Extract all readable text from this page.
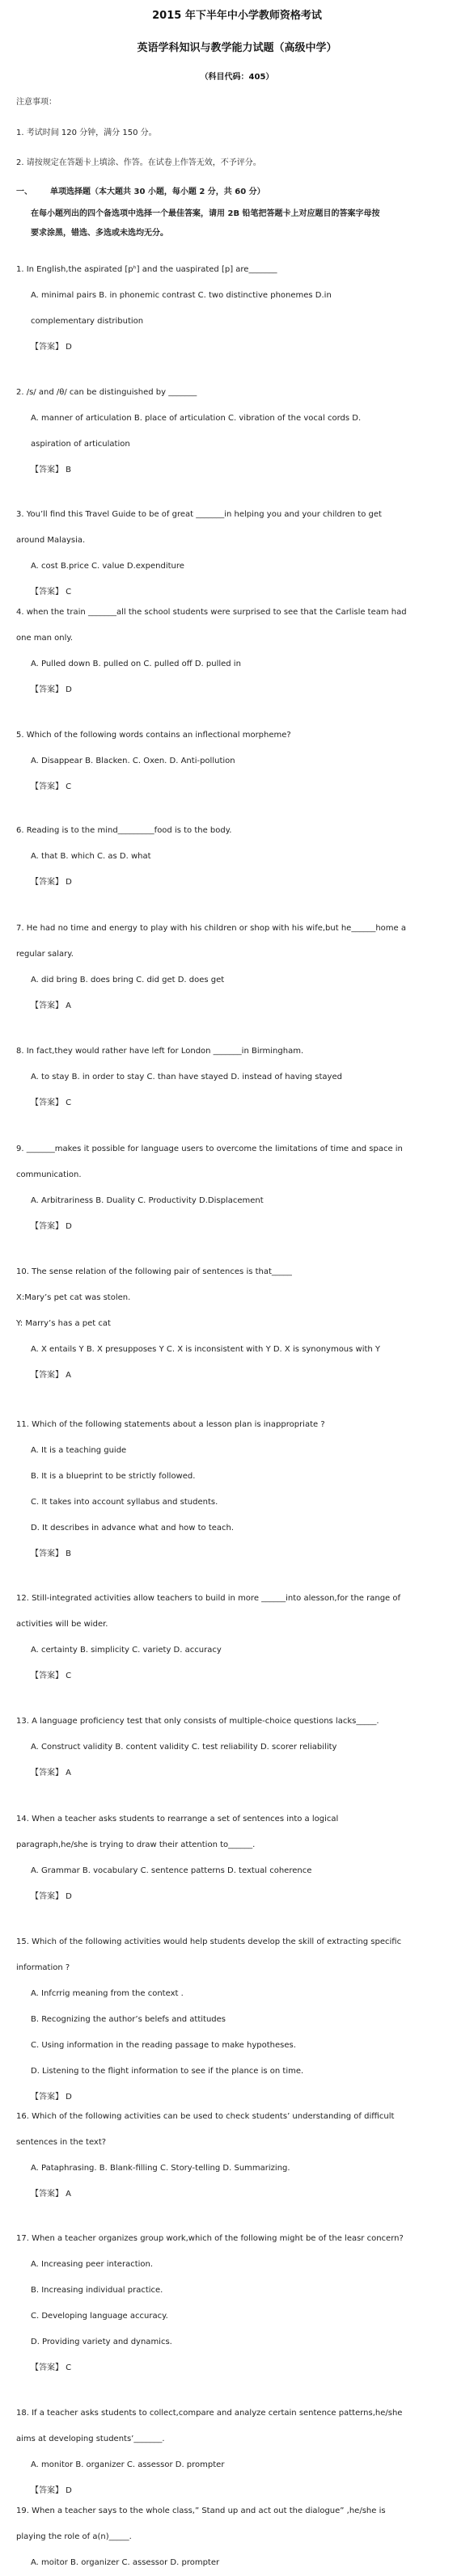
2015 年下半年中小学教师资格考试
英语学科知识与教学能力试题（高级中学）
（科目代码：405）
注意事项：
1. 考试时间 120 分钟，满分 150 分。
2. 请按规定在答题卡上填涂、作答。在试卷上作答无效，不予评分。
一、 单项选择题（本大题共 30 小题，每小题 2 分，共 60 分）
在每小题列出的四个备选项中选择一个最佳答案，请用 2B 铅笔把答题卡上对应题目的答案字母按
要求涂黑，错选、多选或未选均无分。
1. In English,the aspirated [pʰ] and the uaspirated [p] are_______
A. minimal pairs B. in phonemic contrast C. two distinctive phonemes D.in
complementary distribution
【答案】 D
2. /s/ and /θ/ can be distinguished by _______
A. manner of articulation B. place of articulation C. vibration of the vocal cords D.
aspiration of articulation
【答案】 B
3. You’ll find this Travel Guide to be of great _______in helping you and your children to get
around Malaysia.
A. cost B.price C. value D.expenditure
【答案】 C
4. when the train _______all the school students were surprised to see that the Carlisle team had
one man only.
A. Pulled down B. pulled on C. pulled off D. pulled in
【答案】 D
5. Which of the following words contains an inflectional morpheme?
A. Disappear B. Blacken. C. Oxen. D. Anti-pollution
【答案】 C
6. Reading is to the mind_________food is to the body.
A. that B. which C. as D. what
【答案】 D
7. He had no time and energy to play with his children or shop with his wife,but he______home a
regular salary.
A. did bring B. does bring C. did get D. does get
【答案】 A
8. In fact,they would rather have left for London _______in Birmingham.
A. to stay B. in order to stay C. than have stayed D. instead of having stayed
【答案】 C
9. _______makes it possible for language users to overcome the limitations of time and space in
communication.
A. Arbitrariness B. Duality C. Productivity D.Displacement
【答案】 D
10. The sense relation of the following pair of sentences is that_____
X:Mary’s pet cat was stolen.
Y: Marry’s has a pet cat
A. X entails Y B. X presupposes Y C. X is inconsistent with Y D. X is synonymous with Y
【答案】 A
11. Which of the following statements about a lesson plan is inappropriate ?
A. It is a teaching guide
B. It is a blueprint to be strictly followed.
C. It takes into account syllabus and students.
D. It describes in advance what and how to teach.
【答案】 B
12. Still-integrated activities allow teachers to build in more ______into alesson,for the range of
activities will be wider.
A. certainty B. simplicity C. variety D. accuracy
【答案】 C
13. A language proficiency test that only consists of multiple-choice questions lacks_____.
A. Construct validity B. content validity C. test reliability D. scorer reliability
【答案】 A
14. When a teacher asks students to rearrange a set of sentences into a logical
paragraph,he/she is trying to draw their attention to______.
A. Grammar B. vocabulary C. sentence patterns D. textual coherence
【答案】 D
15. Which of the following activities would help students develop the skill of extracting specific
information ?
A. Infcrrig meaning from the context .
B. Recognizing the author’s belefs and attitudes
C. Using information in the reading passage to make hypotheses.
D. Listening to the flight information to see if the plance is on time.
【答案】 D
16. Which of the following activities can be used to check students’ understanding of difficult
sentences in the text?
A. Pataphrasing. B. Blank-filling C. Story-telling D. Summarizing.
【答案】 A
17. When a teacher organizes group work,which of the following might be of the leasr concern?
A. Increasing peer interaction.
B. Increasing individual practice.
C. Developing language accuracy.
D. Providing variety and dynamics.
【答案】 C
18. If a teacher asks students to collect,compare and analyze certain sentence patterns,he/she
aims at developing students’_______.
A. monitor B. organizer C. assessor D. prompter
【答案】 D
19. When a teacher says to the whole class,” Stand up and act out the dialogue” ,he/she is
playing the role of a(n)_____.
A. moitor B. organizer C. assessor D. prompter
